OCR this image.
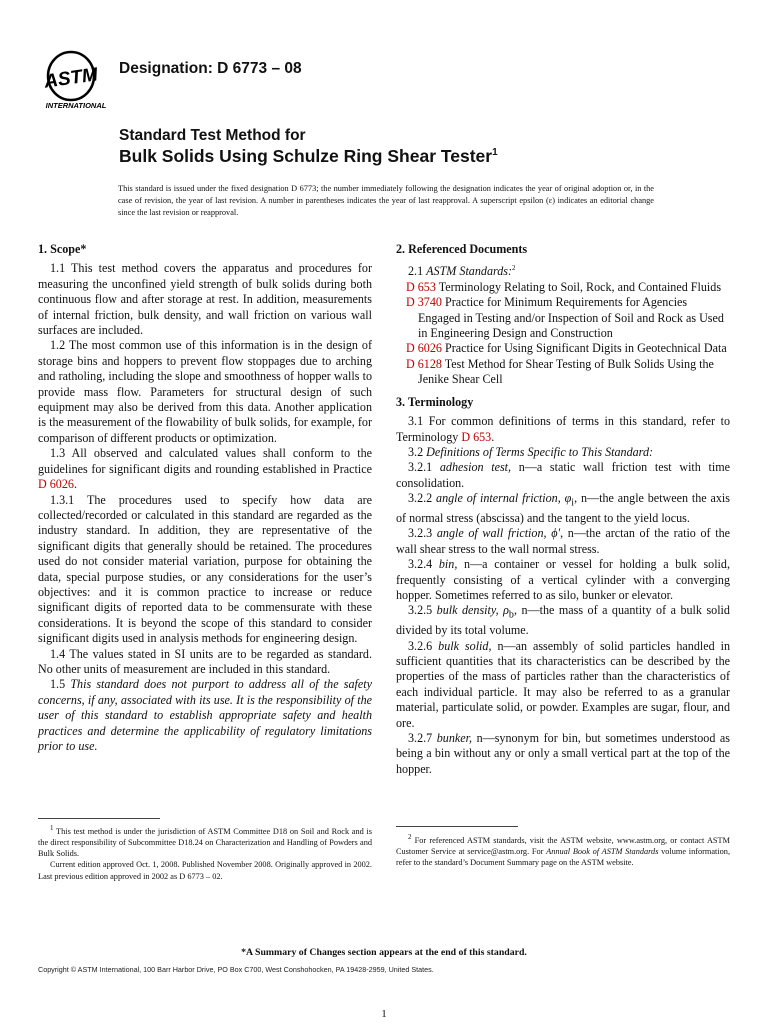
ASTM
INTERNATIONAL
Designation: D 6773 – 08
Standard Test Method for
Bulk Solids Using Schulze Ring Shear Tester$^1$
This standard is issued under the fixed designation D 6773; the number immediately following the designation indicates the year of original adoption or, in the case of revision, the year of last revision. A number in parentheses indicates the year of last reapproval. A superscript epsilon (ε) indicates an editorial change since the last revision or reapproval.

1. Scope*

1.1 This test method covers the apparatus and procedures for measuring the unconfined yield strength of bulk solids during both continuous flow and after storage at rest. In addition, measurements of internal friction, bulk density, and wall friction on various wall surfaces are included.

1.2 The most common use of this information is in the design of storage bins and hoppers to prevent flow stoppages due to arching and ratholing, including the slope and smoothness of hopper walls to provide mass flow. Parameters for structural design of such equipment may also be derived from this data. Another application is the measurement of the flowability of bulk solids, for example, for comparison of different products or optimization.

1.3 All observed and calculated values shall conform to the guidelines for significant digits and rounding established in Practice D 6026.

1.3.1 The procedures used to specify how data are collected/recorded or calculated in this standard are regarded as the industry standard. In addition, they are representative of the significant digits that generally should be retained. The procedures used do not consider material variation, purpose for obtaining the data, special purpose studies, or any considerations for the user’s objectives: and it is common practice to increase or reduce significant digits of reported data to be commensurate with these considerations. It is beyond the scope of this standard to consider significant digits used in analysis methods for engineering design.

1.4 The values stated in SI units are to be regarded as standard. No other units of measurement are included in this standard.

1.5 This standard does not purport to address all of the safety concerns, if any, associated with its use. It is the responsibility of the user of this standard to establish appropriate safety and health practices and determine the applicability of regulatory limitations prior to use.

2. Referenced Documents

2.1 ASTM Standards:$^2$

D 653 Terminology Relating to Soil, Rock, and Contained Fluids

D 3740 Practice for Minimum Requirements for Agencies Engaged in Testing and/or Inspection of Soil and Rock as Used in Engineering Design and Construction

D 6026 Practice for Using Significant Digits in Geotechnical Data

D 6128 Test Method for Shear Testing of Bulk Solids Using the Jenike Shear Cell

3. Terminology

3.1 For common definitions of terms in this standard, refer to Terminology D 653.

3.2 Definitions of Terms Specific to This Standard:

3.2.1 adhesion test, n—a static wall friction test with time consolidation.

3.2.2 angle of internal friction, $\varphi_i$, n—the angle between the axis of normal stress (abscissa) and the tangent to the yield locus.

3.2.3 angle of wall friction, ϕ′, n—the arctan of the ratio of the wall shear stress to the wall normal stress.

3.2.4 bin, n—a container or vessel for holding a bulk solid, frequently consisting of a vertical cylinder with a converging hopper. Sometimes referred to as silo, bunker or elevator.

3.2.5 bulk density, $\rho_b$, n—the mass of a quantity of a bulk solid divided by its total volume.

3.2.6 bulk solid, n—an assembly of solid particles handled in sufficient quantities that its characteristics can be described by the properties of the mass of particles rather than the characteristics of each individual particle. It may also be referred to as a granular material, particulate solid, or powder. Examples are sugar, flour, and ore.

3.2.7 bunker, n—synonym for bin, but sometimes understood as being a bin without any or only a small vertical part at the top of the hopper.

$^1$ This test method is under the jurisdiction of ASTM Committee D18 on Soil and Rock and is the direct responsibility of Subcommittee D18.24 on Characterization and Handling of Powders and Bulk Solids.

Current edition approved Oct. 1, 2008. Published November 2008. Originally approved in 2002. Last previous edition approved in 2002 as D 6773 – 02.

$^2$ For referenced ASTM standards, visit the ASTM website, www.astm.org, or contact ASTM Customer Service at service@astm.org. For Annual Book of ASTM Standards volume information, refer to the standard’s Document Summary page on the ASTM website.

*A Summary of Changes section appears at the end of this standard.
Copyright © ASTM International, 100 Barr Harbor Drive, PO Box C700, West Conshohocken, PA 19428-2959, United States.
1
